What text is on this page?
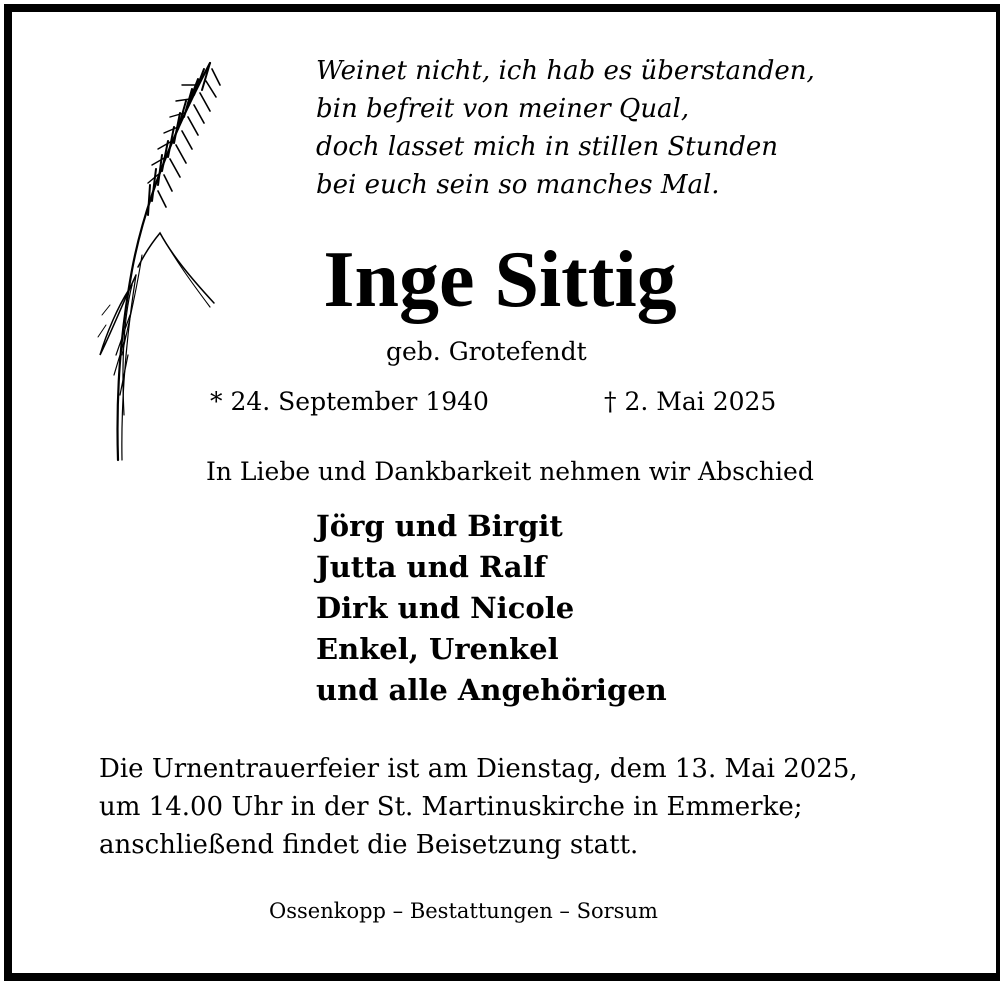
Weinet nicht, ich hab es überstanden,
bin befreit von meiner Qual,
doch lasset mich in stillen Stunden
bei euch sein so manches Mal.
Inge Sittig
geb. Grotefendt
* 24. September 1940	† 2. Mai 2025
In Liebe und Dankbarkeit nehmen wir Abschied
Jörg und Birgit
Jutta und Ralf
Dirk und Nicole
Enkel, Urenkel
und alle Angehörigen
Die Urnentrauerfeier ist am Dienstag, dem 13. Mai 2025,
um 14.00 Uhr in der St. Martinuskirche in Emmerke;
anschließend findet die Beisetzung statt.
Ossenkopp – Bestattungen – Sorsum
